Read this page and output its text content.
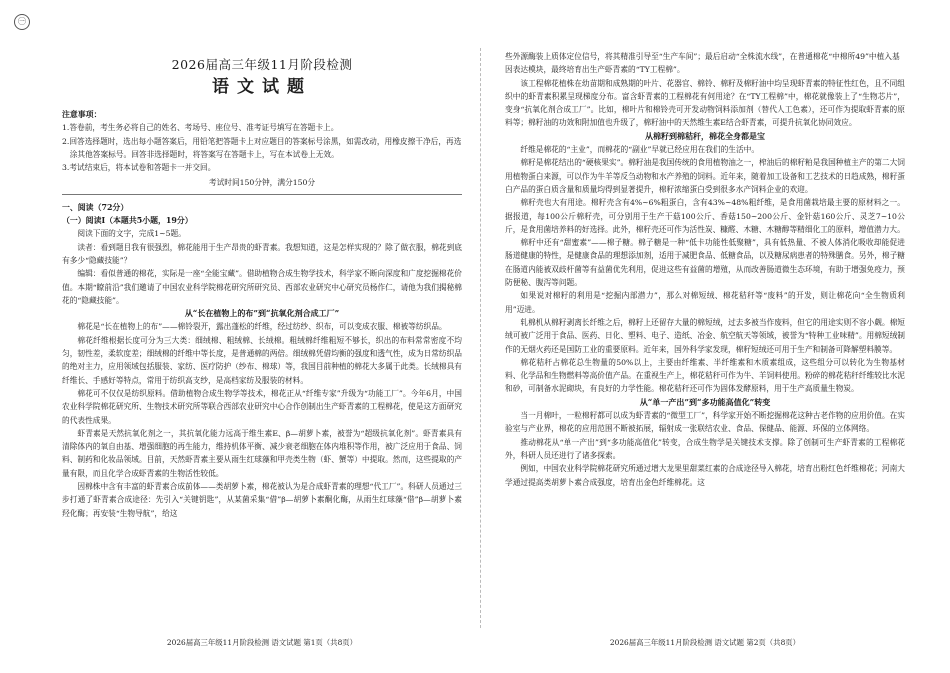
㊀
2026届高三年级11月阶段检测
语文试题

注意事项：

1.答卷前，考生务必将自己的姓名、考场号、座位号、准考证号填写在答题卡上。

2.回答选择题时，选出每小题答案后，用铅笔把答题卡上对应题目的答案标号涂黑，如需改动，用橡皮擦干净后，再选涂其他答案标号。回答非选择题时，将答案写在答题卡上，写在本试卷上无效。

3.考试结束后，将本试卷和答题卡一并交回。

考试时间150分钟，满分150分

一、阅读（72分）

（一）阅读Ⅰ（本题共5小题，19分）

阅读下面的文字，完成1~5题。

读者：看到题目我有很强烈，棉花能用于生产昂贵的虾青素。我想知道，这是怎样实现的？除了做衣服，棉花到底有多少“隐藏技能”？

编辑：看似普通的棉花，实际是一座“全能宝藏”。借助植物合成生物学技术，科学家不断向深度和广度挖掘棉花价值。本期“瞭前沿”我们邀请了中国农业科学院棉花研究所研究员、西部农业研究中心研究员杨作仁，请他为我们揭秘棉花的“隐藏技能”。

从“长在植物上的布”到“抗氧化剂合成工厂”

棉花是“长在植物上的布”——棉铃裂开，露出蓬松的纤维，经过纺纱、织布，可以变成衣服、棉被等纺织品。

棉花纤维根据长度可分为三大类：细绒棉、粗绒棉、长绒棉。粗绒棉纤维粗短不够长，织出的布料常常密度不均匀，韧性差，柔软度差；细绒棉的纤维中等长度，是普通棉的两倍。细绒棉凭借均衡的强度和透气性，成为日常纺织品的绝对主力，应用领域包括服装、家纺、医疗防护（纱布、棉球）等，我国目前种植的棉花大多属于此类。长绒棉具有纤维长、手感好等特点，常用于纺织高支纱，是高档家纺及服装的材料。

棉花可不仅仅是纺织原料。借助植物合成生物学等技术，棉花正从“纤维专家”升级为“功能工厂”。今年6月，中国农业科学院棉花研究所、生物技术研究所等联合西部农业研究中心合作创制出生产虾青素的工程棉花，使是这方面研究的代表性成果。

虾青素是天然抗氧化剂之一，其抗氧化能力远高于维生素E、β—胡萝卜素，被誉为“超级抗氧化剂”。虾青素具有清除体内的氧自由基、增强细胞的再生能力，维持机体平衡、减少衰老细胞在体内堆积等作用，被广泛应用于食品、饲料、制药和化妆品领域。目前，天然虾青素主要从雨生红球藻和甲壳类生物（虾、蟹等）中提取。然而，这些提取的产量有限，而且化学合成虾青素的生物活性较低。

因棉株中含有丰富的虾青素合成前体——类胡萝卜素，棉花被认为是合成虾青素的理想“代工厂”。科研人员通过三步打通了虾青素合成途径：先引入“关键钥匙”，从某菌采集“借”β—胡萝卜素酮化酶，从雨生红球藻“借”β—胡萝卜素羟化酶；再安装“生物导航”，给这

些外源酶装上质体定位信号，将其精准引导至“生产车间”；最后启动“全株流水线”，在普通棉花“中棉所49”中植入基因表达模块，最终培育出生产虾青素的“TY工程棉”。

该工程棉花植株在幼苗期和成熟期的叶片、花器官、棉铃、棉籽及棉籽油中均呈现虾青素的特征性红色，且不同组织中的虾青素积累呈现梯度分布。富含虾青素的工程棉花有何用途？在“TY工程棉”中，棉花就像装上了“生物芯片”，变身“抗氧化剂合成工厂”。比如，棉叶片和棉铃壳可开发动物饲料添加剂（替代人工色素），还可作为提取虾青素的原料等；棉籽油的功效和附加值也升级了，棉籽油中的天然维生素E结合虾青素，可提升抗氧化协同效应。

从棉籽到棉秸秆，棉花全身都是宝

纤维是棉花的“主业”，而棉花的“副业”早就已经应用在我们的生活中。

棉籽是棉花结出的“硬核果实”。棉籽油是我国传统的食用植物油之一，榨油后的棉籽粕是我国种植主产的第二大饲用植物蛋白来源，可以作为牛羊等反刍动物和水产养殖的饲料。近年来，随着加工设备和工艺技术的日趋成熟，棉籽蛋白产品的蛋白质含量和质量均得到显著提升，棉籽浓缩蛋白受到很多水产饲料企业的欢迎。

棉籽壳也大有用途。棉籽壳含有4%~6%粗蛋白，含有43%~48%粗纤维，是食用菌栽培最主要的原材料之一。据报道，每100公斤棉籽壳，可分别用于生产干菇100公斤、香菇150~200公斤、金针菇160公斤、灵芝7~10公斤，是食用菌培养料的好选择。此外，棉籽壳还可作为活性炭、糠醛、木糖、木糖醇等精细化工的原料，增值潜力大。

棉籽中还有“甜蜜素”——棉子糖。棉子糖是一种“低卡功能性低聚糖”，具有低热量、不被人体消化吸收却能促进肠道健康的特性，是健康食品的理想添加剂，适用于减肥食品、低糖食品，以及糖尿病患者的特殊膳食。另外，棉子糖在肠道内能被双歧杆菌等有益菌优先利用，促进这些有益菌的增殖，从而改善肠道微生态环境，有助于增强免疫力，预防便秘、腹泻等问题。

如果说对棉籽的利用是“挖掘内部潜力”，那么对棉短绒、棉花秸秆等“废料”的开发，则让棉花向“全生物质利用”迈进。

轧棉机从棉籽剥离长纤维之后，棉籽上还留存大量的棉短绒，过去多被当作废料，但它的用途实则不容小觑。棉短绒可被广泛用于食品、医药、日化、塑料、电子、造纸、冶金、航空航天等领域，被誉为“特种工业味精”。用棉短绒制作的无烟火药还是国防工业的重要原料。近年来，国外科学家发现，棉籽短绒还可用于生产和制备可降解塑料膜等。

棉花秸秆占棉花总生物量的50%以上，主要由纤维素、半纤维素和木质素组成，这些组分可以转化为生物基材料、化学品和生物燃料等高价值产品。在重视生产上，棉花秸秆可作为牛、羊饲料使用。粉碎的棉花秸秆纤维较比水泥和砂，可制备水泥砌块，有良好的力学性能。棉花秸秆还可作为固体发酵原料，用于生产高质量生物炭。

从“单一产出”到“多功能高值化”转变

当一月棉叶，一粒棉籽都可以成为虾青素的“微型工厂”，科学家开始不断挖掘棉花这种古老作物的应用价值。在实验室与产业界，棉花的应用范围不断被拓展，辐射成一张联结农业、食品、保健品、能源、环保的立体网络。

推动棉花从“单一产出”到“多功能高值化”转变，合成生物学是关键技术支撑。除了创制可生产虾青素的工程棉花外，科研人员还进行了诸多探索。

例如，中国农业科学院棉花研究所通过增大龙果里甜菜红素的合成途径导入棉花，培育出粉红色纤维棉花；河南大学通过提高类胡萝卜素合成强度，培育出金色纤维棉花。这

2026届高三年级11月阶段检测 语文试题 第1页（共8页）	2026届高三年级11月阶段检测 语文试题 第2页（共8页）
